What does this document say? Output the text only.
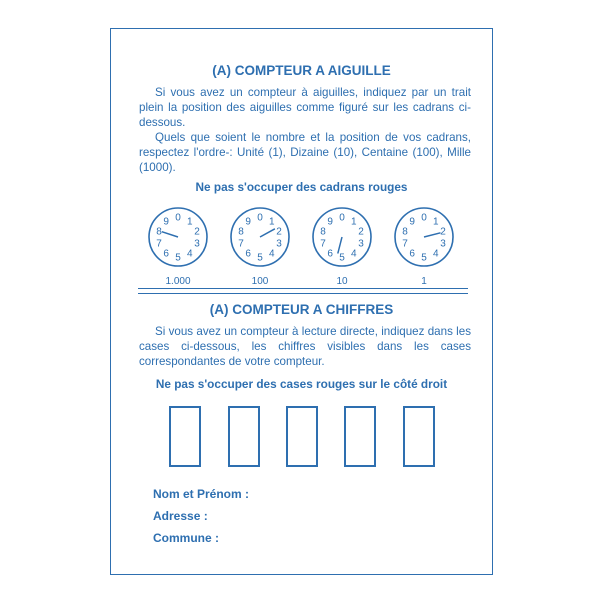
(A) COMPTEUR A AIGUILLE

Si vous avez un compteur à aiguilles, indiquez par un trait plein la position des aiguilles comme figuré sur les cadrans ci-dessous.

Quels que soient le nombre et la position de vos cadrans, respectez l'ordre-: Unité (1), Dizaine (10), Centaine (100), Mille (1000).

Ne pas s'occuper des cadrans rouges
0 1
2
3
4
5
6
7
8
9
1.000
0 1
2
3
4
5
6
7
8
9
100
0 1
2
3
4
5
6
7
8
9
10
0 1
2
3
4
5
6
7
8
9
1
(A) COMPTEUR A CHIFFRES

Si vous avez un compteur à lecture directe, indiquez dans les cases ci-dessous, les chiffres visibles dans les cases correspondantes de votre compteur.

Ne pas s'occuper des cases rouges sur le côté droit
Nom et Prénom :
Adresse :
Commune :
